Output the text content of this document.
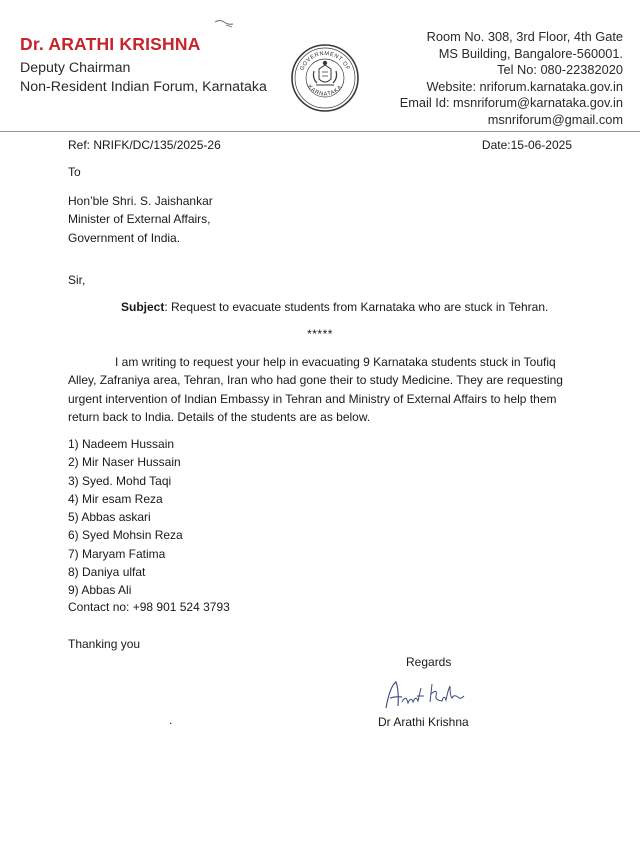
Dr. ARATHI KRISHNA
Deputy Chairman
Non-Resident Indian Forum, Karnataka
GOVERNMENT OF
KARNATAKA
Room No. 308, 3rd Floor, 4th Gate
MS Building, Bangalore-560001.
Tel No: 080-22382020
Website: nriforum.karnataka.gov.in
Email Id: msnriforum@karnataka.gov.in
msnriforum@gmail.com
Ref: NRIFK/DC/135/2025-26	Date:15-06-2025
To
Hon’ble Shri. S. Jaishankar
Minister of External Affairs,
Government of India.
Sir,
Subject: Request to evacuate students from Karnataka who are stuck in Tehran.
*****
I am writing to request your help in evacuating 9 Karnataka students stuck in Toufiq Alley, Zafraniya area, Tehran, Iran who had gone their to study Medicine. They are requesting urgent intervention of Indian Embassy in Tehran and Ministry of External Affairs to help them return back to India. Details of the students are as below.
1) Nadeem Hussain
2) Mir Naser Hussain
3) Syed. Mohd Taqi
4) Mir esam Reza
5) Abbas askari
6) Syed Mohsin Reza
7) Maryam Fatima
8) Daniya ulfat
9) Abbas Ali
Contact no: +98 901 524 3793
Thanking you
Regards
.	Dr Arathi Krishna
